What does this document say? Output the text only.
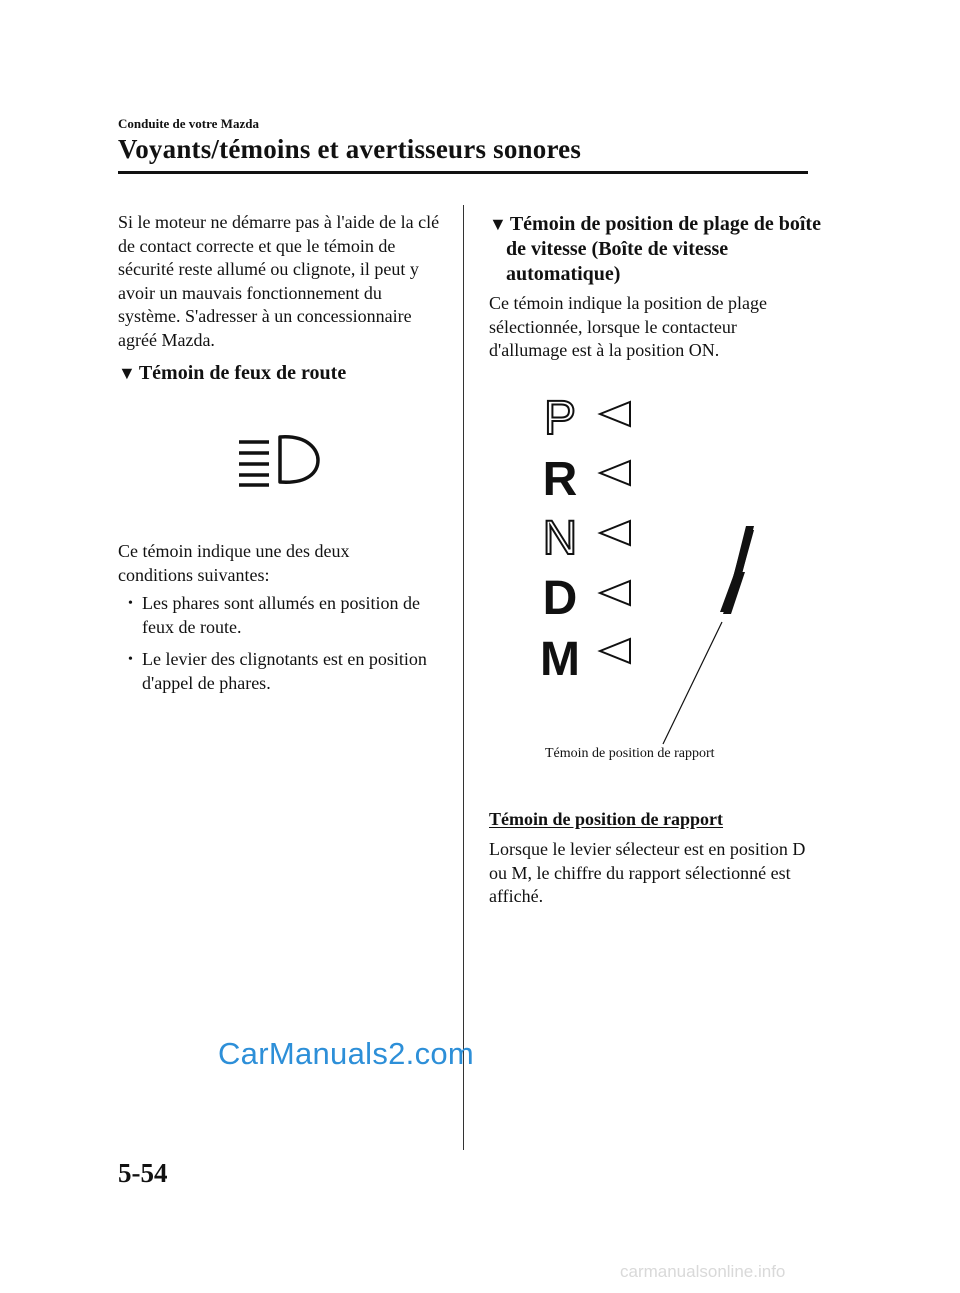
Conduite de votre Mazda
Voyants/témoins et avertisseurs sonores
Si le moteur ne démarre pas à l'aide de la clé de contact correcte et que le témoin de sécurité reste allumé ou clignote, il peut y avoir un mauvais fonctionnement du système. S'adresser à un concessionnaire agréé Mazda.
▼ Témoin de feux de route
Ce témoin indique une des deux conditions suivantes:
• Les phares sont allumés en position de feux de route.
• Le levier des clignotants est en position d'appel de phares.
▼ Témoin de position de plage de boîte de vitesse (Boîte de vitesse automatique)
Ce témoin indique la position de plage sélectionnée, lorsque le contacteur d'allumage est à la position ON.
P
R
N
D
M
Témoin de position de rapport
Témoin de position de rapport
Lorsque le levier sélecteur est en position D ou M, le chiffre du rapport sélectionné est affiché.
CarManuals2.com
5-54
carmanualsonline.info
